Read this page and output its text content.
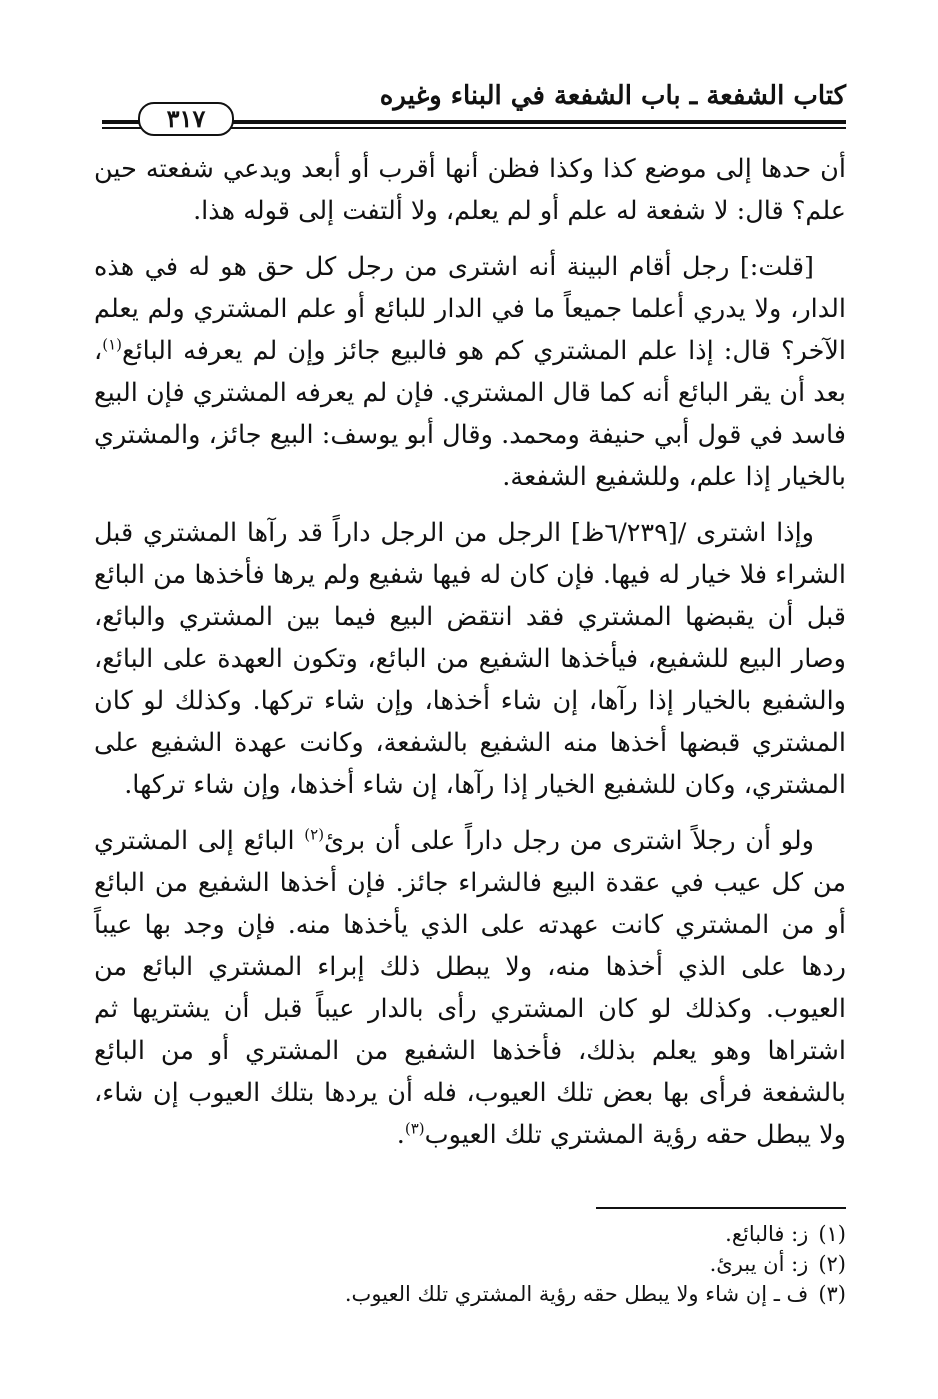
كتاب الشفعة ـ باب الشفعة في البناء وغيره
٣١٧

أن حدها إلى موضع كذا وكذا فظن أنها أقرب أو أبعد ويدعي شفعته حين علم؟ قال: لا شفعة له علم أو لم يعلم، ولا ألتفت إلى قوله هذا.

[قلت:] رجل أقام البينة أنه اشترى من رجل كل حق هو له في هذه الدار، ولا يدري أعلما جميعاً ما في الدار للبائع أو علم المشتري ولم يعلم الآخر؟ قال: إذا علم المشتري كم هو فالبيع جائز وإن لم يعرفه البائع$^{(١)}$، بعد أن يقر البائع أنه كما قال المشتري. فإن لم يعرفه المشتري فإن البيع فاسد في قول أبي حنيفة ومحمد. وقال أبو يوسف: البيع جائز، والمشتري بالخيار إذا علم، وللشفيع الشفعة.

وإذا اشترى /[٦/٢٣٩ظ] الرجل من الرجل داراً قد رآها المشتري قبل الشراء فلا خيار له فيها. فإن كان له فيها شفيع ولم يرها فأخذها من البائع قبل أن يقبضها المشتري فقد انتقض البيع فيما بين المشتري والبائع، وصار البيع للشفيع، فيأخذها الشفيع من البائع، وتكون العهدة على البائع، والشفيع بالخيار إذا رآها، إن شاء أخذها، وإن شاء تركها. وكذلك لو كان المشتري قبضها أخذها منه الشفيع بالشفعة، وكانت عهدة الشفيع على المشتري، وكان للشفيع الخيار إذا رآها، إن شاء أخذها، وإن شاء تركها.

ولو أن رجلاً اشترى من رجل داراً على أن برئ$^{(٢)}$ البائع إلى المشتري من كل عيب في عقدة البيع فالشراء جائز. فإن أخذها الشفيع من البائع أو من المشتري كانت عهدته على الذي يأخذها منه. فإن وجد بها عيباً ردها على الذي أخذها منه، ولا يبطل ذلك إبراء المشتري البائع من العيوب. وكذلك لو كان المشتري رأى بالدار عيباً قبل أن يشتريها ثم اشتراها وهو يعلم بذلك، فأخذها الشفيع من المشتري أو من البائع بالشفعة فرأى بها بعض تلك العيوب، فله أن يردها بتلك العيوب إن شاء، ولا يبطل حقه رؤية المشتري تلك العيوب$^{(٣)}$.

(١)ز: فالبائع.
(٢)ز: أن يبرئ.
(٣)ف ـ إن شاء ولا يبطل حقه رؤية المشتري تلك العيوب.
